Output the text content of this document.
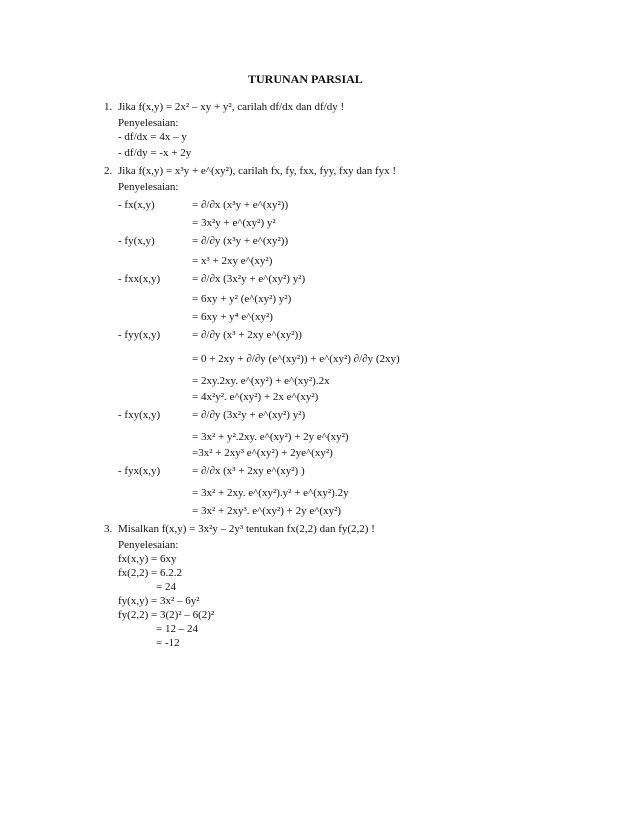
TURUNAN PARSIAL
1. Jika f(x,y) = 2x² – xy + y², carilah df/dx dan df/dy !
Penyelesaian:
- df/dx = 4x – y
- df/dy = -x + 2y
2. Jika f(x,y) = x³y + e^(xy²), carilah fx, fy, fxx, fyy, fxy dan fyx !
Penyelesaian:
- fx(x,y)	= ∂/∂x (x³y + e^(xy²))
= 3x²y + e^(xy²) y²
- fy(x,y)	= ∂/∂y (x³y + e^(xy²))
= x³ + 2xy e^(xy²)
- fxx(x,y)	= ∂/∂x (3x²y + e^(xy²) y²)
= 6xy + y² (e^(xy²) y²)
= 6xy + y⁴ e^(xy²)
- fyy(x,y)	= ∂/∂y (x³ + 2xy e^(xy²))
= 0 + 2xy + ∂/∂y (e^(xy²)) + e^(xy²) ∂/∂y (2xy)
= 2xy.2xy. e^(xy²) + e^(xy²).2x
= 4x²y². e^(xy²) + 2x e^(xy²)
- fxy(x,y)	= ∂/∂y (3x²y + e^(xy²) y²)
= 3x² + y².2xy. e^(xy²) + 2y e^(xy²)
=3x² + 2xy³ e^(xy²) + 2ye^(xy²)
- fyx(x,y)	= ∂/∂x (x³ + 2xy e^(xy²) )
= 3x² + 2xy. e^(xy²).y² + e^(xy²).2y
= 3x² + 2xy³. e^(xy²) + 2y e^(xy²)
3. Misalkan f(x,y) = 3x²y – 2y³ tentukan fx(2,2) dan fy(2,2) !
Penyelesaian:
fx(x,y) = 6xy
fx(2,2) = 6.2.2
= 24
fy(x,y) = 3x² – 6y²
fy(2,2) = 3(2)² – 6(2)²
= 12 – 24
= -12
